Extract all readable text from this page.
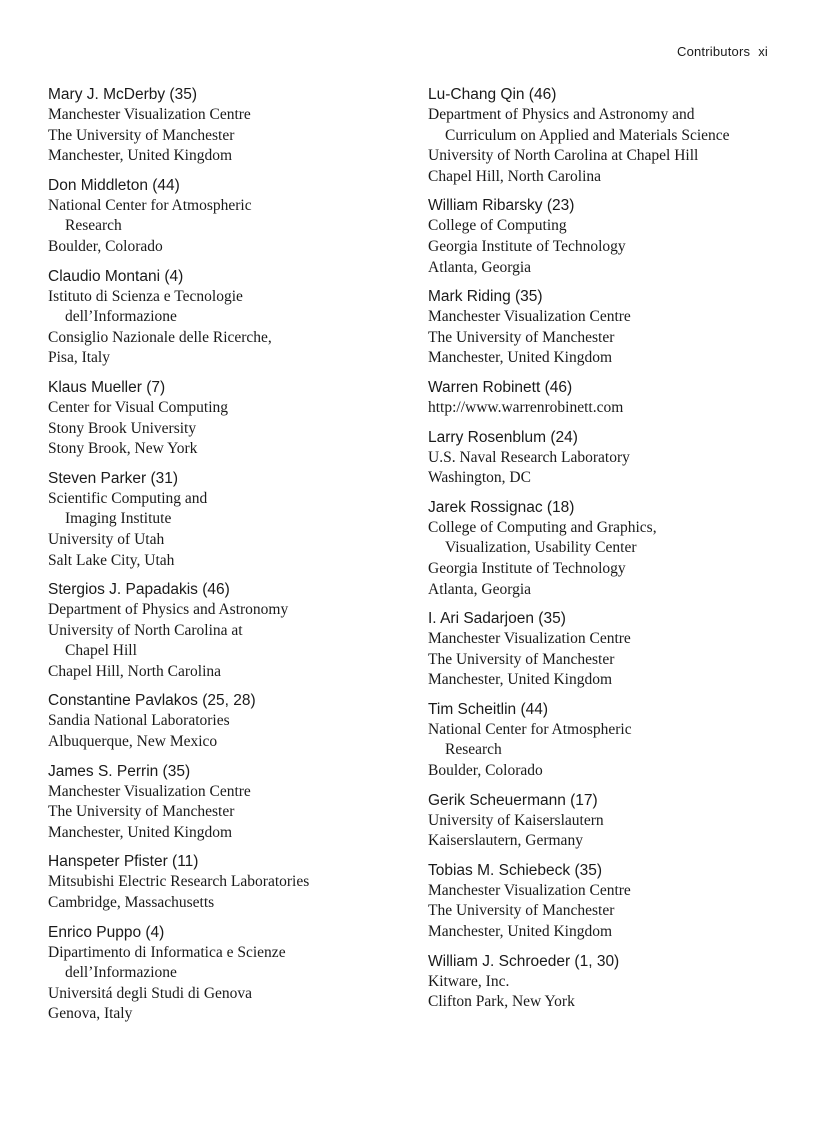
Contributors xi
Mary J. McDerby (35)
Manchester Visualization Centre
The University of Manchester
Manchester, United Kingdom
Don Middleton (44)
National Center for Atmospheric
Research
Boulder, Colorado
Claudio Montani (4)
Istituto di Scienza e Tecnologie
dell’Informazione
Consiglio Nazionale delle Ricerche,
Pisa, Italy
Klaus Mueller (7)
Center for Visual Computing
Stony Brook University
Stony Brook, New York
Steven Parker (31)
Scientific Computing and
Imaging Institute
University of Utah
Salt Lake City, Utah
Stergios J. Papadakis (46)
Department of Physics and Astronomy
University of North Carolina at
Chapel Hill
Chapel Hill, North Carolina
Constantine Pavlakos (25, 28)
Sandia National Laboratories
Albuquerque, New Mexico
James S. Perrin (35)
Manchester Visualization Centre
The University of Manchester
Manchester, United Kingdom
Hanspeter Pfister (11)
Mitsubishi Electric Research Laboratories
Cambridge, Massachusetts
Enrico Puppo (4)
Dipartimento di Informatica e Scienze
dell’Informazione
Universitá degli Studi di Genova
Genova, Italy
Lu-Chang Qin (46)
Department of Physics and Astronomy and
Curriculum on Applied and Materials Science
University of North Carolina at Chapel Hill
Chapel Hill, North Carolina
William Ribarsky (23)
College of Computing
Georgia Institute of Technology
Atlanta, Georgia
Mark Riding (35)
Manchester Visualization Centre
The University of Manchester
Manchester, United Kingdom
Warren Robinett (46)
http://www.warrenrobinett.com
Larry Rosenblum (24)
U.S. Naval Research Laboratory
Washington, DC
Jarek Rossignac (18)
College of Computing and Graphics,
Visualization, Usability Center
Georgia Institute of Technology
Atlanta, Georgia
I. Ari Sadarjoen (35)
Manchester Visualization Centre
The University of Manchester
Manchester, United Kingdom
Tim Scheitlin (44)
National Center for Atmospheric
Research
Boulder, Colorado
Gerik Scheuermann (17)
University of Kaiserslautern
Kaiserslautern, Germany
Tobias M. Schiebeck (35)
Manchester Visualization Centre
The University of Manchester
Manchester, United Kingdom
William J. Schroeder (1, 30)
Kitware, Inc.
Clifton Park, New York
